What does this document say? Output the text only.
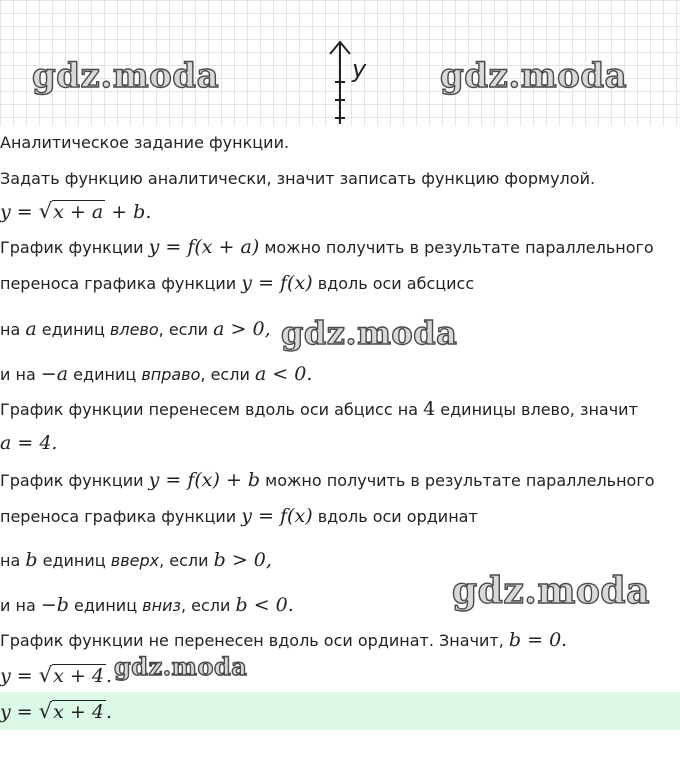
y
gdz.moda	gdz.moda
Аналитическое задание функции.
Задать функцию аналитически, значит записать функцию формулой.
y = √x + a + b.
График функции y = f(x + a) можно получить в результате параллельного
переноса графика функции y = f(x) вдоль оси абсцисс
на a единиц влево, если a > 0, gdz.moda
и на −a единиц вправо, если a < 0.
График функции перенесем вдоль оси абцисс на 4 единицы влево, значит
a = 4.
График функции y = f(x) + b можно получить в результате параллельного
переноса графика функции y = f(x) вдоль оси ординат
на b единиц вверх, если b > 0,
gdz.moda
и на −b единиц вниз, если b < 0.
График функции не перенесен вдоль оси ординат. Значит, b = 0.
y = √x + 4 . gdz.moda
y = √x + 4 .
